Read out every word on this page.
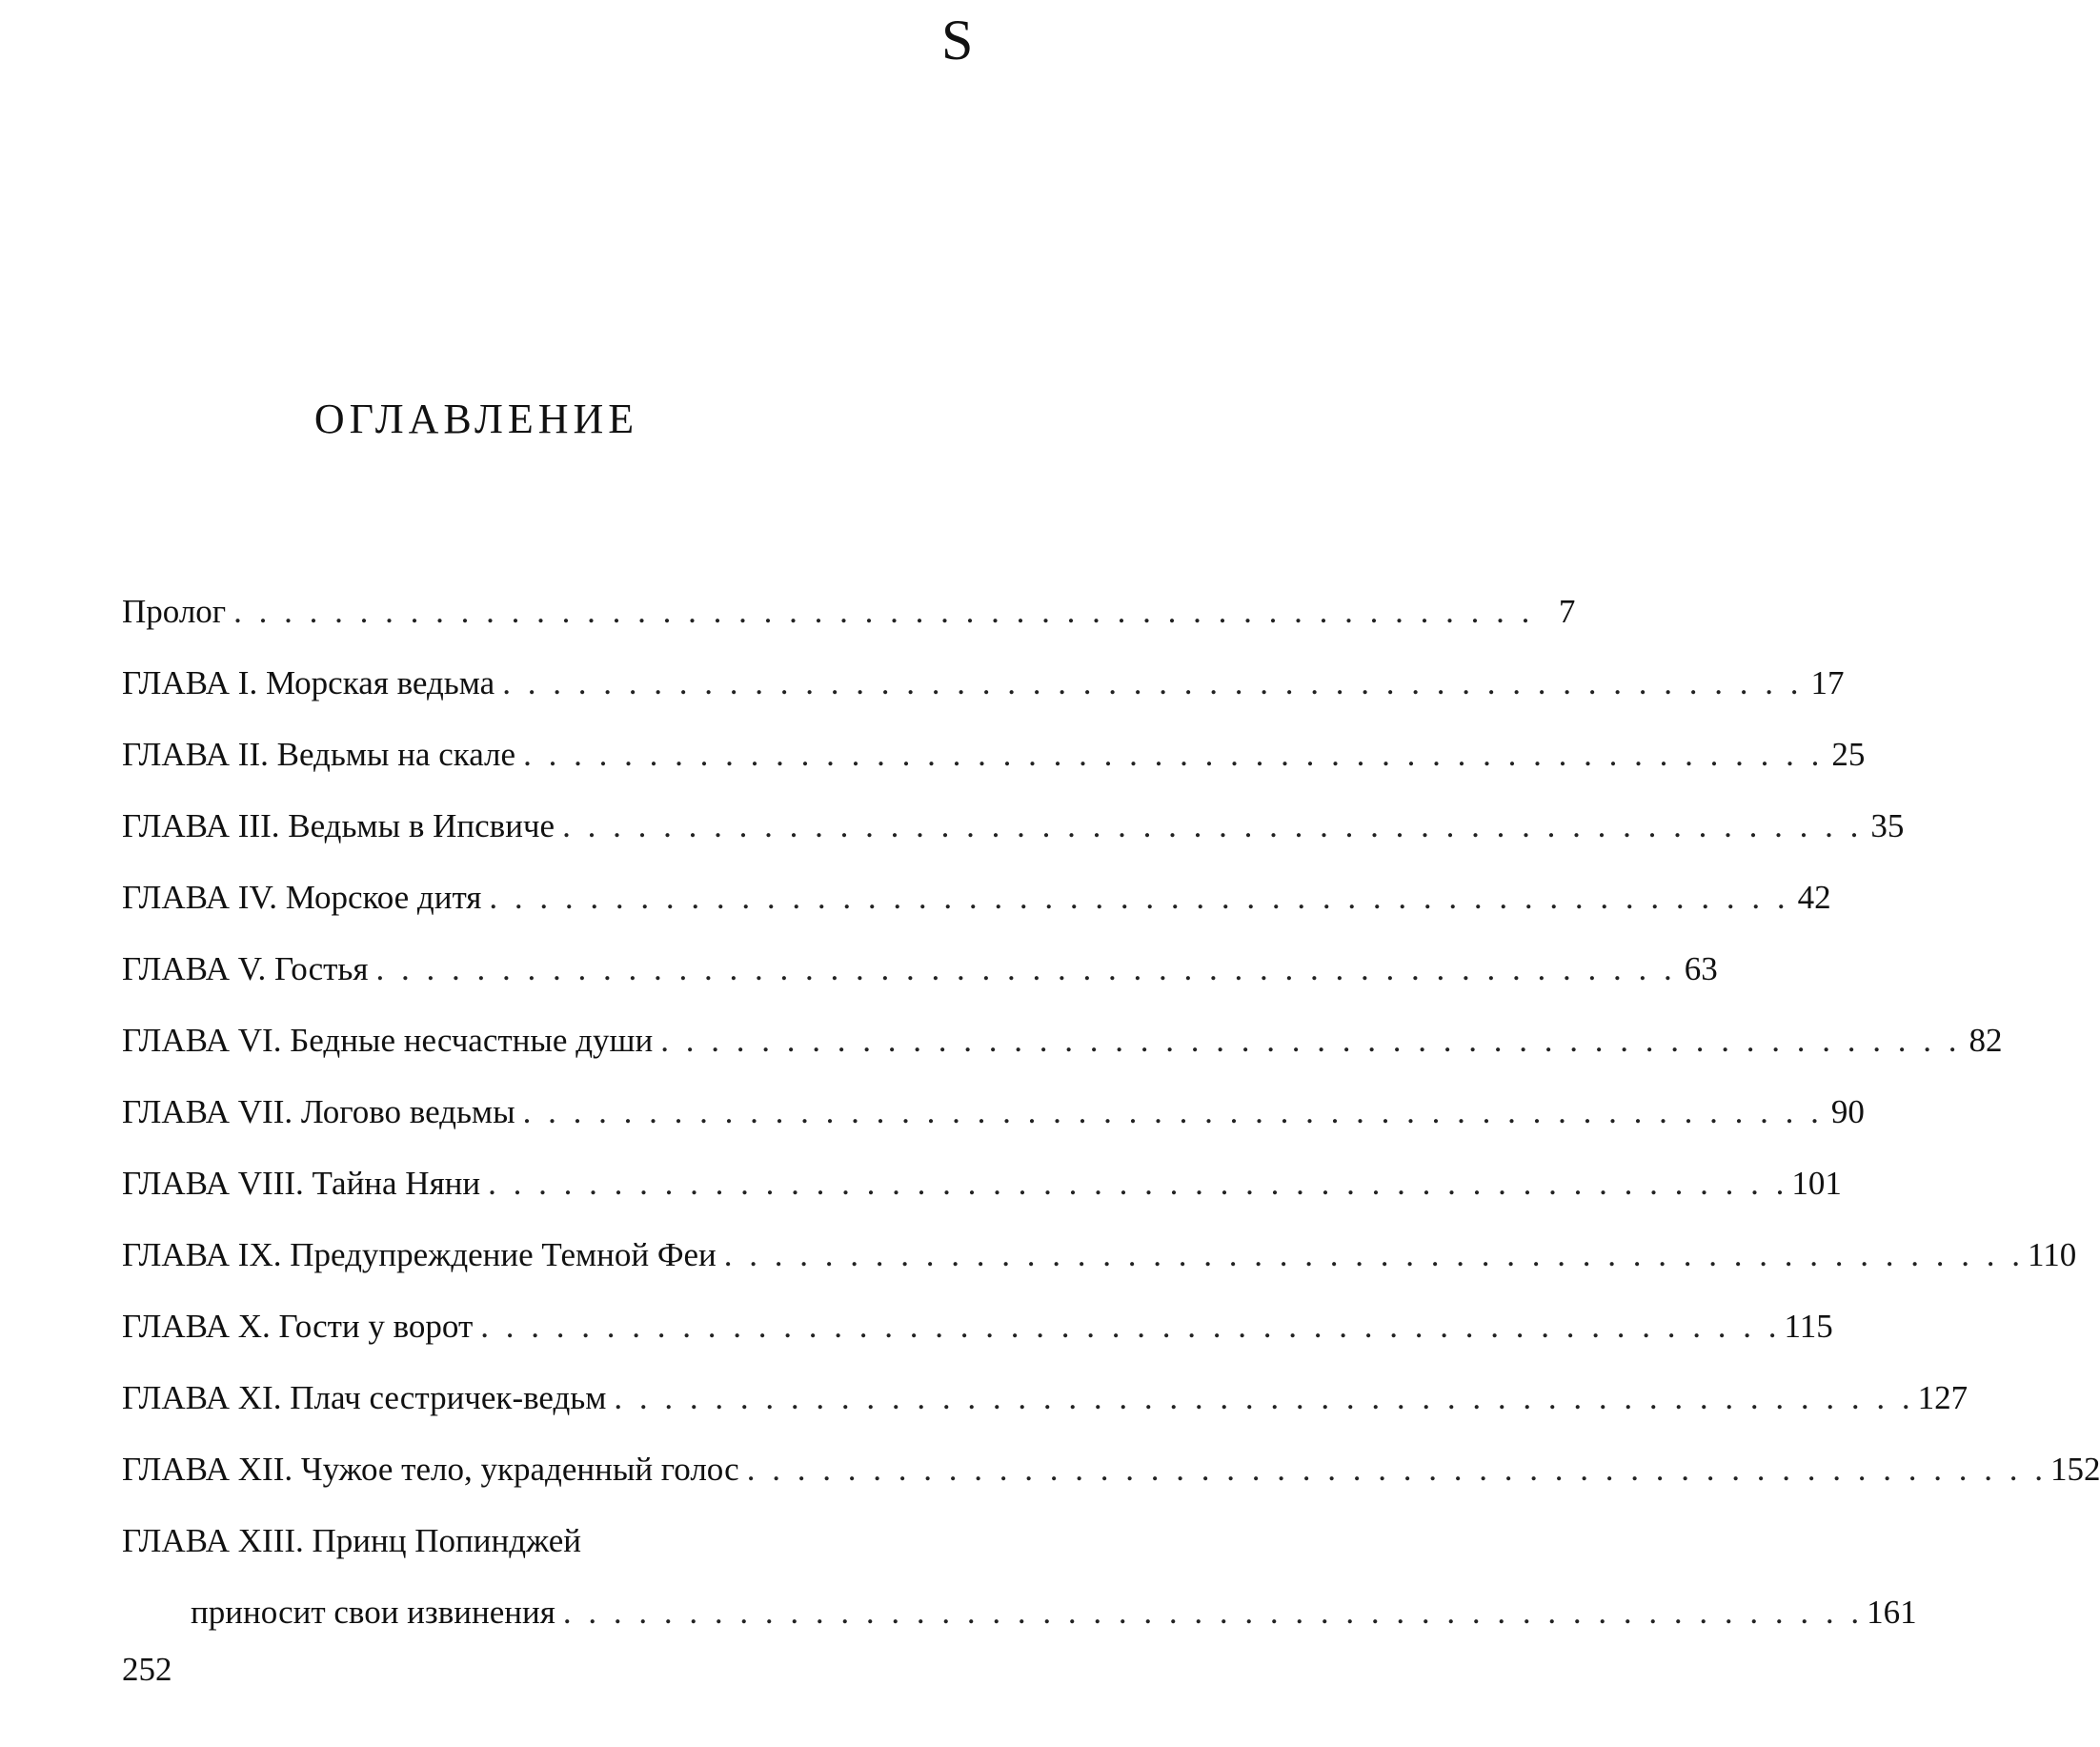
S
ОГЛАВЛЕНИЕ
Пролог . . .	7
ГЛАВА I. Морская ведьма . . .	17
ГЛАВА II. Ведьмы на скале . . .	25
ГЛАВА III. Ведьмы в Ипсвиче . . .	35
ГЛАВА IV. Морское дитя . . .	42
ГЛАВА V. Гостья . . .	63
ГЛАВА VI. Бедные несчастные души . . .	82
ГЛАВА VII. Логово ведьмы . . .	90
ГЛАВА VIII. Тайна Няни . . .	101
ГЛАВА IX. Предупреждение Темной Феи . . .	110
ГЛАВА X. Гости у ворот . . .	115
ГЛАВА XI. Плач сестричек-ведьм . . .	127
ГЛАВА XII. Чужое тело, украденный голос . . .	152
ГЛАВА XIII. Принц Попинджей
приносит свои извинения . . .	161
252
